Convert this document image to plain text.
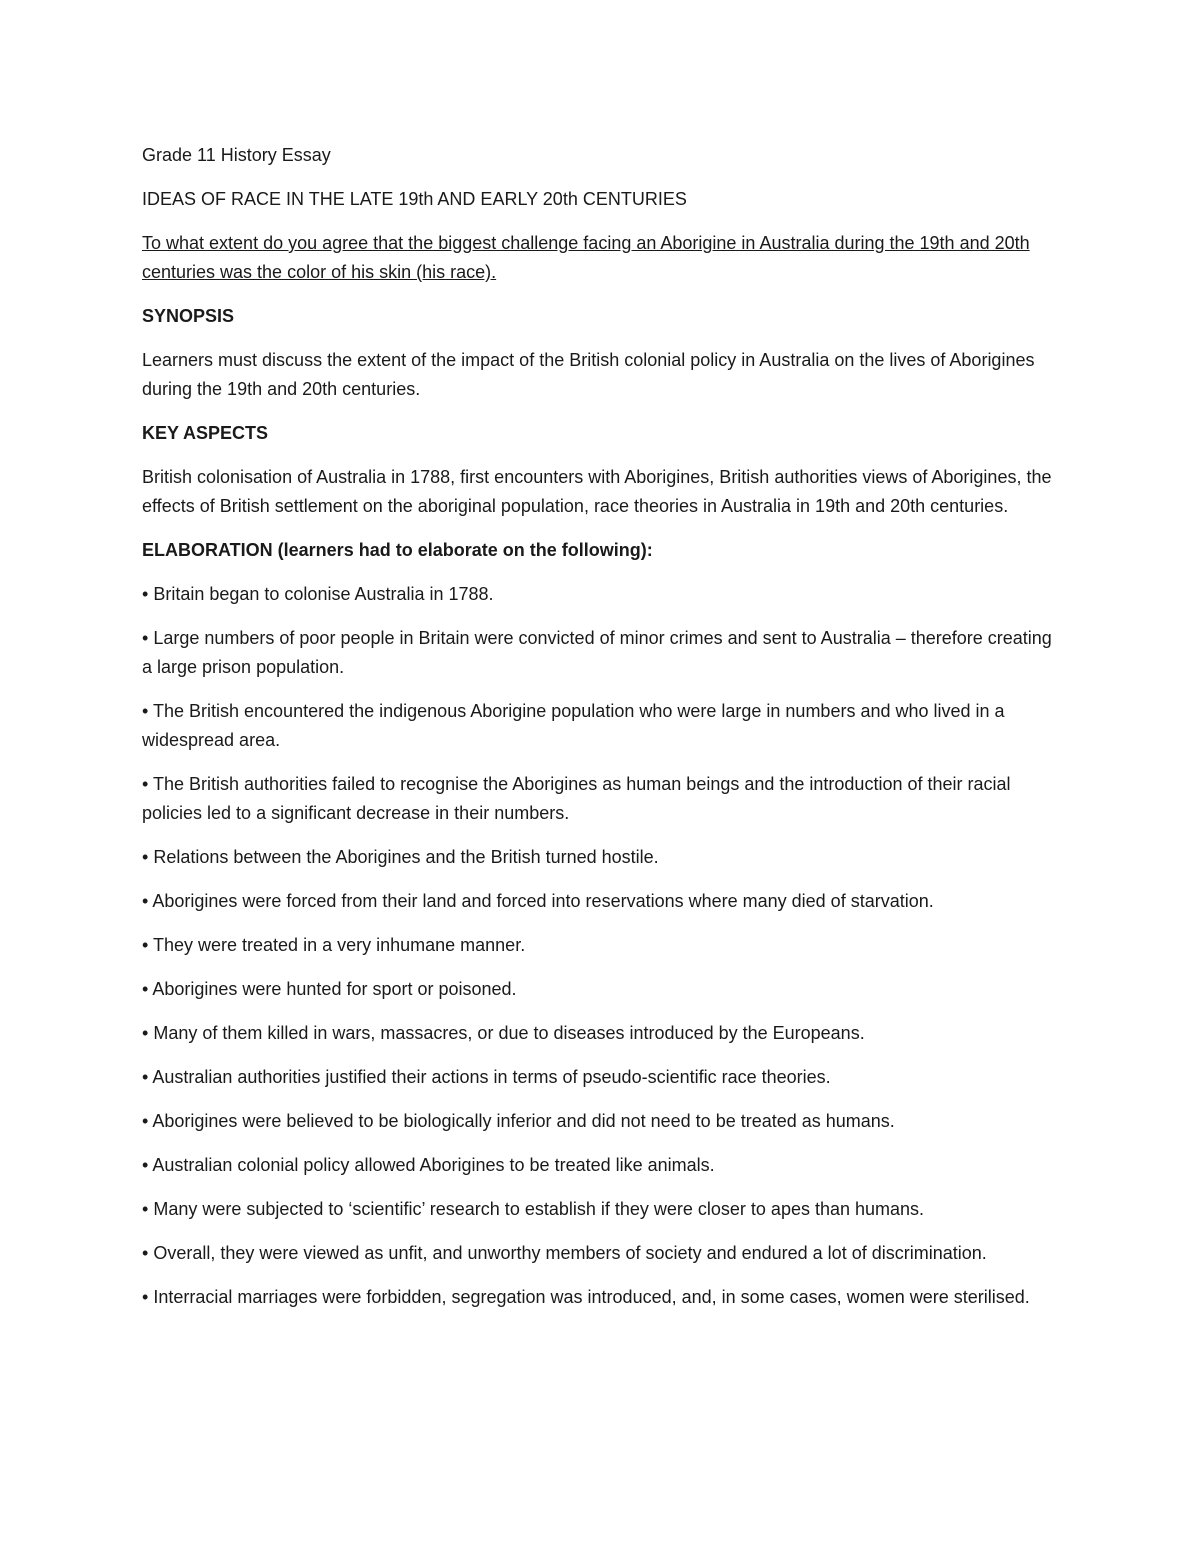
Grade 11 History Essay

IDEAS OF RACE IN THE LATE 19th AND EARLY 20th CENTURIES

To what extent do you agree that the biggest challenge facing an Aborigine in Australia during the 19th and 20th centuries was the color of his skin (his race).

SYNOPSIS

Learners must discuss the extent of the impact of the British colonial policy in Australia on the lives of Aborigines during the 19th and 20th centuries.

KEY ASPECTS

British colonisation of Australia in 1788, first encounters with Aborigines, British authorities views of Aborigines, the effects of British settlement on the aboriginal population, race theories in Australia in 19th and 20th centuries.

ELABORATION (learners had to elaborate on the following):

• Britain began to colonise Australia in 1788.

• Large numbers of poor people in Britain were convicted of minor crimes and sent to Australia – therefore creating a large prison population.

• The British encountered the indigenous Aborigine population who were large in numbers and who lived in a widespread area.

• The British authorities failed to recognise the Aborigines as human beings and the introduction of their racial policies led to a significant decrease in their numbers.

• Relations between the Aborigines and the British turned hostile.

• Aborigines were forced from their land and forced into reservations where many died of starvation.

• They were treated in a very inhumane manner.

• Aborigines were hunted for sport or poisoned.

• Many of them killed in wars, massacres, or due to diseases introduced by the Europeans.

• Australian authorities justified their actions in terms of pseudo-scientific race theories.

• Aborigines were believed to be biologically inferior and did not need to be treated as humans.

• Australian colonial policy allowed Aborigines to be treated like animals.

• Many were subjected to ‘scientific’ research to establish if they were closer to apes than humans.

• Overall, they were viewed as unfit, and unworthy members of society and endured a lot of discrimination.

• Interracial marriages were forbidden, segregation was introduced, and, in some cases, women were sterilised.
